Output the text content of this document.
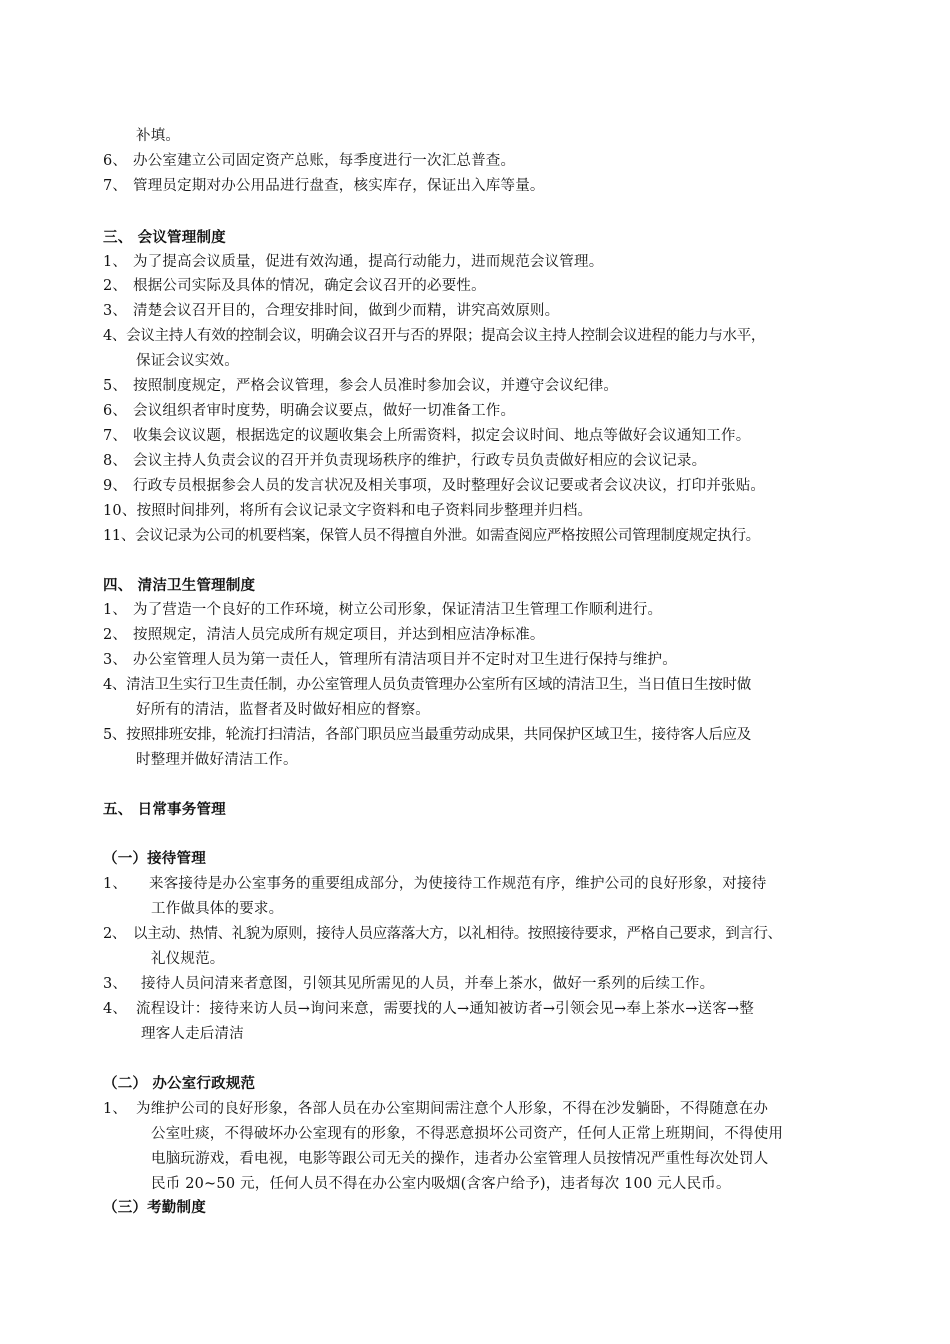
补填。
6、 办公室建立公司固定资产总账，每季度进行一次汇总普查。
7、 管理员定期对办公用品进行盘查，核实库存，保证出入库等量。
三、 会议管理制度
1、 为了提高会议质量，促进有效沟通，提高行动能力，进而规范会议管理。
2、 根据公司实际及具体的情况，确定会议召开的必要性。
3、 清楚会议召开目的，合理安排时间，做到少而精，讲究高效原则。
4、会议主持人有效的控制会议，明确会议召开与否的界限；提高会议主持人控制会议进程的能力与水平，
保证会议实效。
5、 按照制度规定，严格会议管理，参会人员准时参加会议，并遵守会议纪律。
6、 会议组织者审时度势，明确会议要点，做好一切准备工作。
7、 收集会议议题，根据选定的议题收集会上所需资料，拟定会议时间、地点等做好会议通知工作。
8、 会议主持人负责会议的召开并负责现场秩序的维护，行政专员负责做好相应的会议记录。
9、 行政专员根据参会人员的发言状况及相关事项，及时整理好会议记要或者会议决议，打印并张贴。
10、按照时间排列，将所有会议记录文字资料和电子资料同步整理并归档。
11、会议记录为公司的机要档案，保管人员不得擅自外泄。如需查阅应严格按照公司管理制度规定执行。
四、 清洁卫生管理制度
1、 为了营造一个良好的工作环境，树立公司形象，保证清洁卫生管理工作顺利进行。
2、 按照规定，清洁人员完成所有规定项目，并达到相应洁净标准。
3、 办公室管理人员为第一责任人，管理所有清洁项目并不定时对卫生进行保持与维护。
4、清洁卫生实行卫生责任制，办公室管理人员负责管理办公室所有区域的清洁卫生，当日值日生按时做
好所有的清洁，监督者及时做好相应的督察。
5、按照排班安排，轮流打扫清洁，各部门职员应当最重劳动成果，共同保护区域卫生，接待客人后应及
时整理并做好清洁工作。
五、 日常事务管理
（一）接待管理
1、 来客接待是办公室事务的重要组成部分，为使接待工作规范有序，维护公司的良好形象，对接待
工作做具体的要求。
2、 以主动、热情、礼貌为原则，接待人员应落落大方，以礼相待。按照接待要求，严格自己要求，到言行、
礼仪规范。
3、 接待人员问清来者意图，引领其见所需见的人员，并奉上茶水，做好一系列的后续工作。
4、 流程设计：接待来访人员→询问来意，需要找的人→通知被访者→引领会见→奉上茶水→送客→整
理客人走后清洁
（二） 办公室行政规范
1、 为维护公司的良好形象，各部人员在办公室期间需注意个人形象，不得在沙发躺卧，不得随意在办
公室吐痰，不得破坏办公室现有的形象，不得恶意损坏公司资产，任何人正常上班期间，不得使用
电脑玩游戏，看电视，电影等跟公司无关的操作，违者办公室管理人员按情况严重性每次处罚人
民币 20~50 元，任何人员不得在办公室内吸烟(含客户给予)，违者每次 100 元人民币。
（三）考勤制度
